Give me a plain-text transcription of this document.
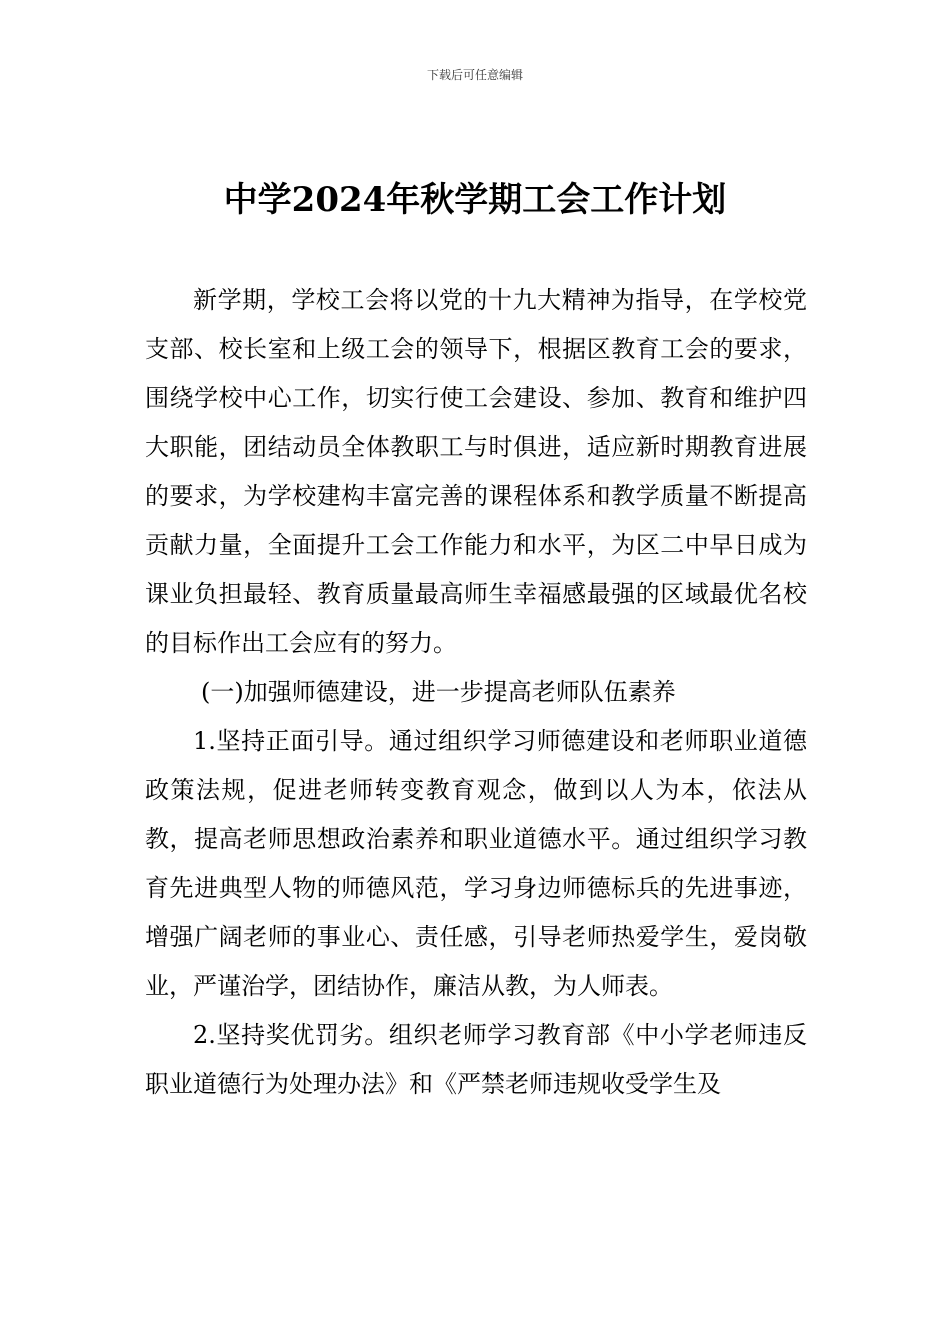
下载后可任意编辑
中学2024年秋学期工会工作计划

新学期，学校工会将以党的十九大精神为指导，在学校党支部、校长室和上级工会的领导下，根据区教育工会的要求，围绕学校中心工作，切实行使工会建设、参加、教育和维护四大职能，团结动员全体教职工与时俱进，适应新时期教育进展的要求，为学校建构丰富完善的课程体系和教学质量不断提高贡献力量，全面提升工会工作能力和水平，为区二中早日成为课业负担最轻、教育质量最高师生幸福感最强的区域最优名校的目标作出工会应有的努力。

(一)加强师德建设，进一步提高老师队伍素养

1.坚持正面引导。通过组织学习师德建设和老师职业道德政策法规，促进老师转变教育观念，做到以人为本，依法从教，提高老师思想政治素养和职业道德水平。通过组织学习教育先进典型人物的师德风范，学习身边师德标兵的先进事迹，增强广阔老师的事业心、责任感，引导老师热爱学生，爱岗敬业，严谨治学，团结协作，廉洁从教，为人师表。

2.坚持奖优罚劣。组织老师学习教育部《中小学老师违反职业道德行为处理办法》和《严禁老师违规收受学生及
